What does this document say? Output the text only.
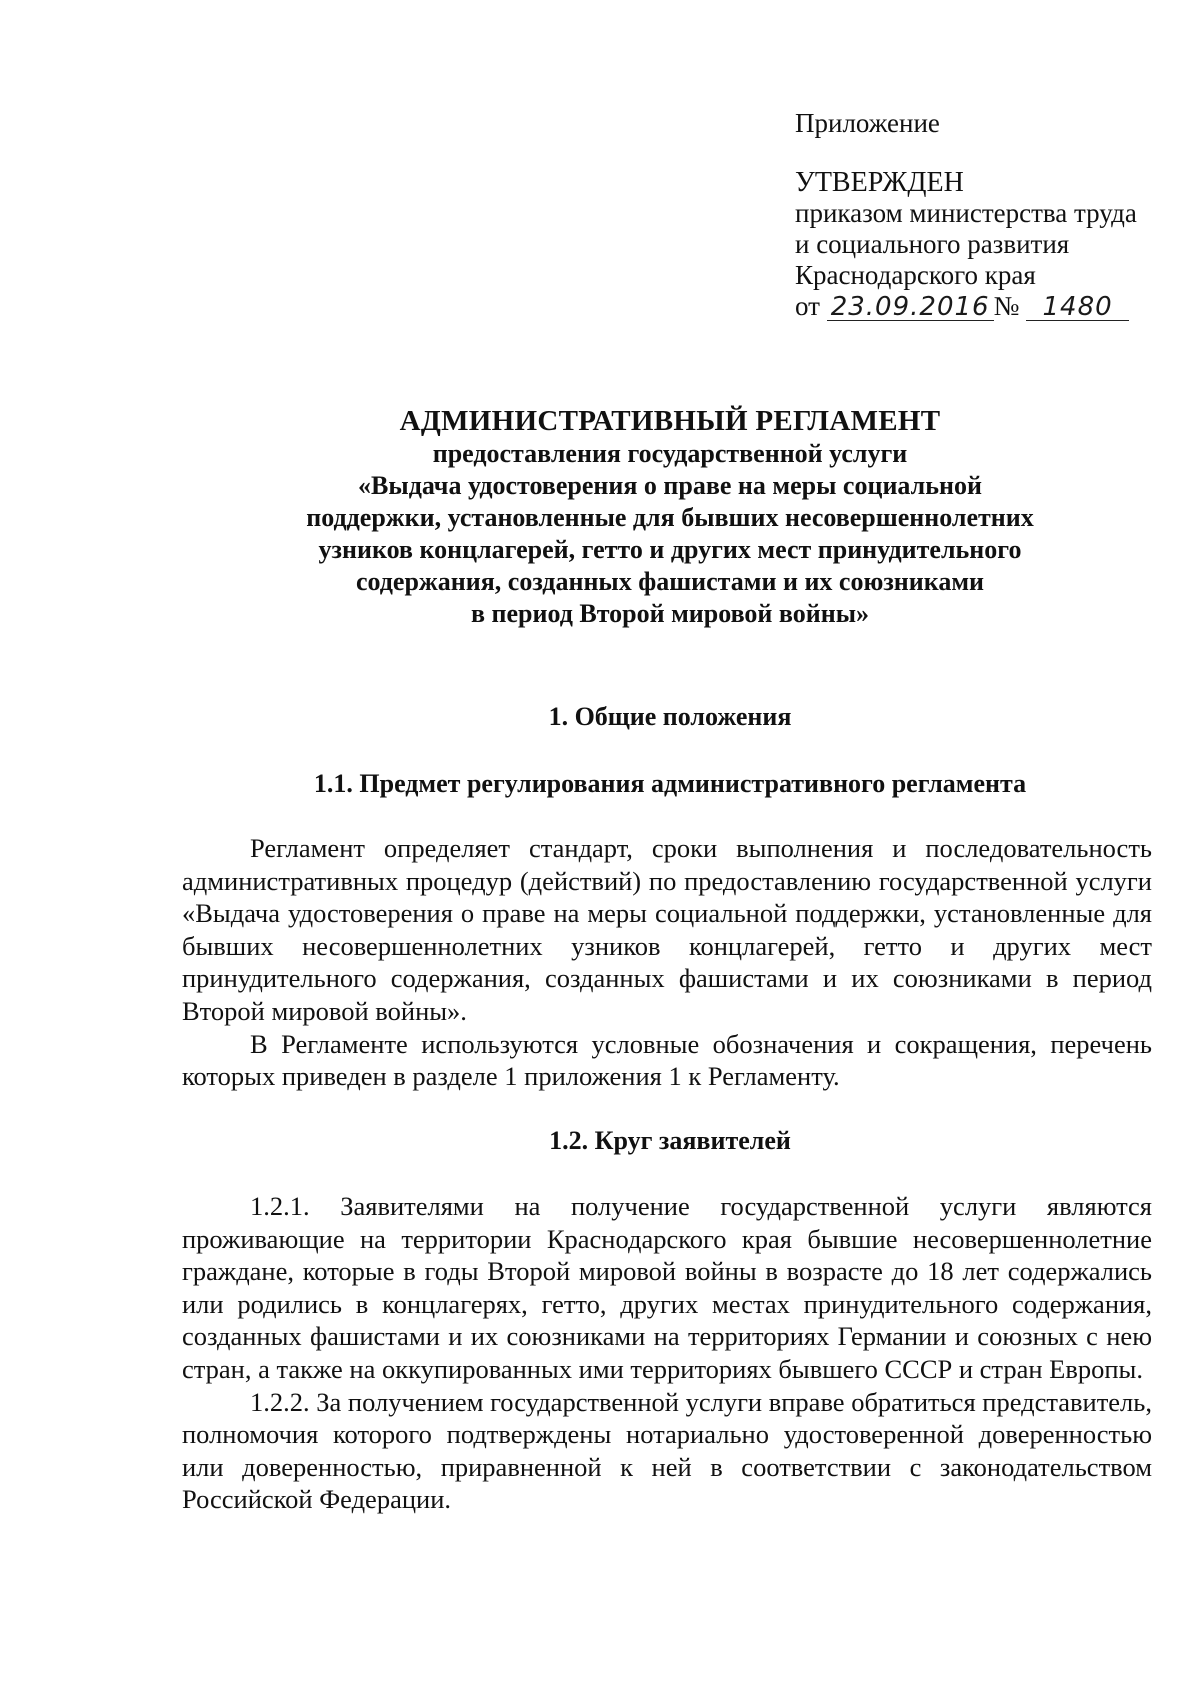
Приложение

УТВЕРЖДЕН

приказом министерства труда

и социального развития

Краснодарского края

от 23.09.2016 № 1480

АДМИНИСТРАТИВНЫЙ РЕГЛАМЕНТ

предоставления государственной услуги

«Выдача удостоверения о праве на меры социальной

поддержки, установленные для бывших несовершеннолетних

узников концлагерей, гетто и других мест принудительного

содержания, созданных фашистами и их союзниками

в период Второй мировой войны»

1. Общие положения

1.1. Предмет регулирования административного регламента

Регламент определяет стандарт, сроки выполнения и последовательность административных процедур (действий) по предоставлению государственной услуги «Выдача удостоверения о праве на меры социальной поддержки, установленные для бывших несовершеннолетних узников концлагерей, гетто и других мест принудительного содержания, созданных фашистами и их союзниками в период Второй мировой войны».

В Регламенте используются условные обозначения и сокращения, перечень которых приведен в разделе 1 приложения 1 к Регламенту.

1.2. Круг заявителей

1.2.1. Заявителями на получение государственной услуги являются проживающие на территории Краснодарского края бывшие несовершеннолетние граждане, которые в годы Второй мировой войны в возрасте до 18 лет содержались или родились в концлагерях, гетто, других местах принудительного содержания, созданных фашистами и их союзниками на территориях Германии и союзных с нею стран, а также на оккупированных ими территориях бывшего СССР и стран Европы.

1.2.2. За получением государственной услуги вправе обратиться представитель, полномочия которого подтверждены нотариально удостоверенной доверенностью или доверенностью, приравненной к ней в соответствии с законодательством Российской Федерации.
